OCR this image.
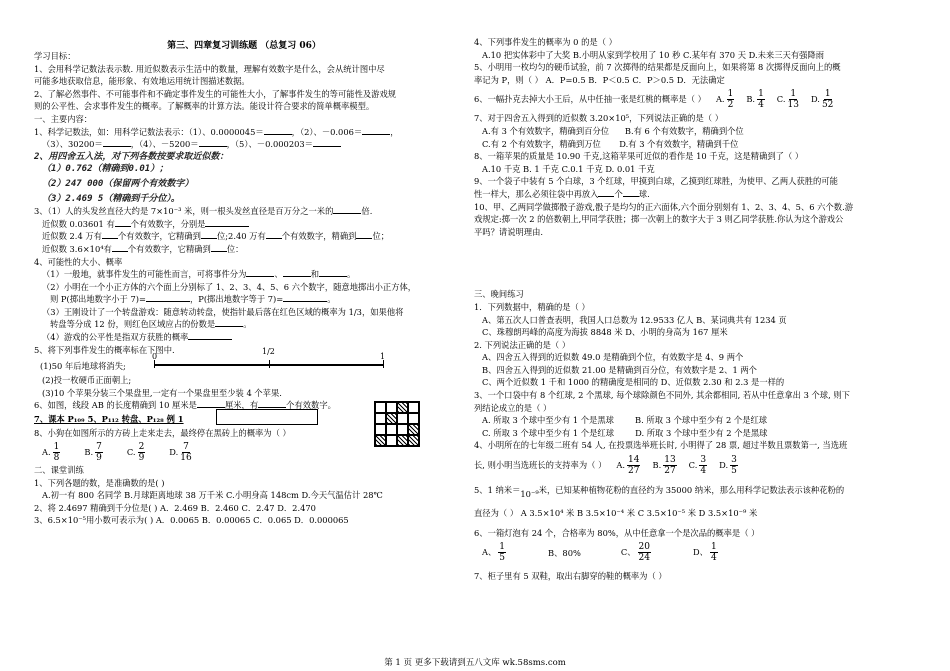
第三、四章复习训练题 （总复习 06）
学习目标：
1、会用科学记数法表示数. 用近似数表示生活中的数量，理解有效数字是什么，会从统计图中尽
可能多地获取信息，能形象、有效地运用统计图描述数据。
2、了解必然事件、不可能事件和不确定事件发生的可能性大小，了解事件发生的等可能性及游戏规
则的公平性、会求事件发生的概率。了解概率的计算方法。能设计符合要求的简单概率模型。
一、主要内容：
1、科学记数法，如：用科学记数法表示：（1）、0.0000045＝	，（2）、－0.006＝	，
（3）、30200＝	，（4）、－5200＝	，（5）、－0.000203＝
2、用四舍五入法，对下列各数按要求取近似数：
（1）0.762（精确到0.01）；
（2）247 000（保留两个有效数字）
（3）2.469 5（精确到千分位）。
3、（1）人的头发丝直径大约是 7×10⁻³ 米，则一根头发丝直径是百万分之一米的	倍.
近似数 0.03601 有 个有效数字，分别是
近似数 2.4 万有 个有效数字，它精确到 位;2.40 万有 个有效数字，精确到 位；
近似数 3.6×10⁴有 个有效数字，它精确到 位：
4、可能性的大小、概率
（1）一般地，就事件发生的可能性而言，可将事件分为	、	和	。
（2）小明在一个小正方体的六个面上分别标了 1、2、3、4、5、6 六个数字，随意地掷出小正方体，
则 P(掷出地数字小于 7)=	，P(掷出地数字等于 7)=	。
（3）王刚设计了一个转盘游戏：随意转动转盘，使指针最后落在红色区域的概率为 1/3，如果他将
转盘等分成 12 份，则红色区域应占的份数是	。
（4）游戏的公平性是指双方获胜的概率
5、将下列事件发生的概率标在下图中.
(1)50 年后地球将消失;
0
1/2
1
(2)投一枚硬币正面朝上;
(3)10 个苹果分装三个果盘里,一定有一个果盘里至少装 4 个苹果.
6、如图，线段 AB 的长度精确到 10 厘米是	厘米，有	个有效数字。
7、课本 P₁₀₉ 5、P₁₁₂ 转盘、P₁₂₈ 例 1
8、小狗在如图所示的方砖上走来走去，最终停在黑砖上的概率为（ ）
A. $\frac{1}{8}$	B. $\frac{7}{9}$	C. $\frac{2}{9}$	D. $\frac{7}{16}$
二、课堂训练
1、下列各题的数，是准确数的是( )
A.初一有 800 名同学 B.月球距离地球 38 万千米 C.小明身高 148cm D.今天气温估计 28℃
2、将 2.4697 精确到千分位是( ) A．2.469 B．2.460 C．2.47 D．2.470
3、6.5×10⁻⁵用小数可表示为( ) A．0.0065 B．0.00065 C．0.065 D．0.000065
4、下列事件发生的概率为 0 的是（ ）
A.10 把实体彩中了大奖 B.小明从家到学校用了 10 秒 C.某年有 370 天 D.未来三天有强降雨
5、小明用一枚均匀的硬币试验，前 7 次掷得的结果都是反面向上，如果将第 8 次掷得反面向上的概
率记为 P，则（ ） A．P=0.5 B．P＜0.5 C．P＞0.5 D．无法确定
6、一幅扑克去掉大小王后，从中任抽一张是红桃的概率是（ ） A. $\frac{1}{2} B$. $\frac{1}{4} C$. $\frac{1}{13} D$. $\frac{1}{52}$
7、对于四舍五入得到的近似数 3.20×10⁵，下列说法正确的是（ ）
A.有 3 个有效数字，精确到百分位 B.有 6 个有效数字，精确到个位
C.有 2 个有效数字，精确到万位 D.有 3 个有效数字，精确到千位
8、一箱苹果的质量是 10.90 千克,这箱苹果可近似的看作是 10 千克，这是精确到了（ ）
A.10 千克 B. 1 千克 C.0.1 千克 D. 0.01 千克
9、一个袋子中装有 5 个白球，3 个红球，甲摸到白球，乙摸到红球胜，为使甲、乙两人获胜的可能
性一样大，那么必须往袋中再放入 个 球.
10、甲、乙两同学做掷骰子游戏,骰子是均匀的正六面体,六个面分别刻有 1、2、3、4、5、6 六个数.游
戏规定:掷一次 2 的倍数朝上,甲同学获胜；掷一次朝上的数字大于 3 则乙同学获胜.你认为这个游戏公
平吗？请说明理由.
三、晚间练习
1．下列数据中，精确的是（ ）
A、第五次人口普查表明，我国人口总数为 12.9533 亿人 B、某词典共有 1234 页
C、珠穆朗玛峰的高度为海拔 8848 米 D、小明的身高为 167 厘米
2. 下列说法正确的是（ ）
A、四舍五入得到的近似数 49.0 是精确到个位，有效数字是 4、9 两个
B、四舍五入得到的近似数 21.00 是精确到百分位，有效数字是 2、1 两个
C、两个近似数 1 千和 1000 的精确度是相同的 D、近似数 2.30 和 2.3 是一样的
3、一个口袋中有 8 个红球, 2 个黑球, 每个球除颜色不同外, 其余都相同, 若从中任意拿出 3 个球, 则下
列结论成立的是（ ）
A. 所取 3 个球中至少有 1 个是黑球	B. 所取 3 个球中至少有 2 个是红球
C. 所取 3 个球中至少有 1 个是红球	D. 所取 3 个球中至少有 2 个是黑球
4、小明所在的七年级二班有 54 人, 在投票选举班长时, 小明得了 28 票, 超过半数且票数第一, 当选班
长, 则小明当选班长的支持率为（ ） A. $\frac{14}{27} B$. $\frac{13}{27} C$. $\frac{3}{4} D$. $\frac{3}{5}$
5、1 纳米＝10⁻⁹米，已知某种植物花粉的直径约为 35000 纳米，那么用科学记数法表示该种花粉的
直径为（ ） A 3.5×10⁴ 米 B 3.5×10⁻⁴ 米 C 3.5×10⁻⁵ 米 D 3.5×10⁻⁹ 米
6、一箱灯泡有 24 个，合格率为 80%，从中任意拿一个是次品的概率是（ ）
A、 $\frac{1}{5}$	B、80%	C、 $\frac{20}{24}$	D、 $\frac{1}{4}$
7、柜子里有 5 双鞋，取出右脚穿的鞋的概率为（ ）
第 1 页 更多下载请到五八文库 wk.58sms.com
